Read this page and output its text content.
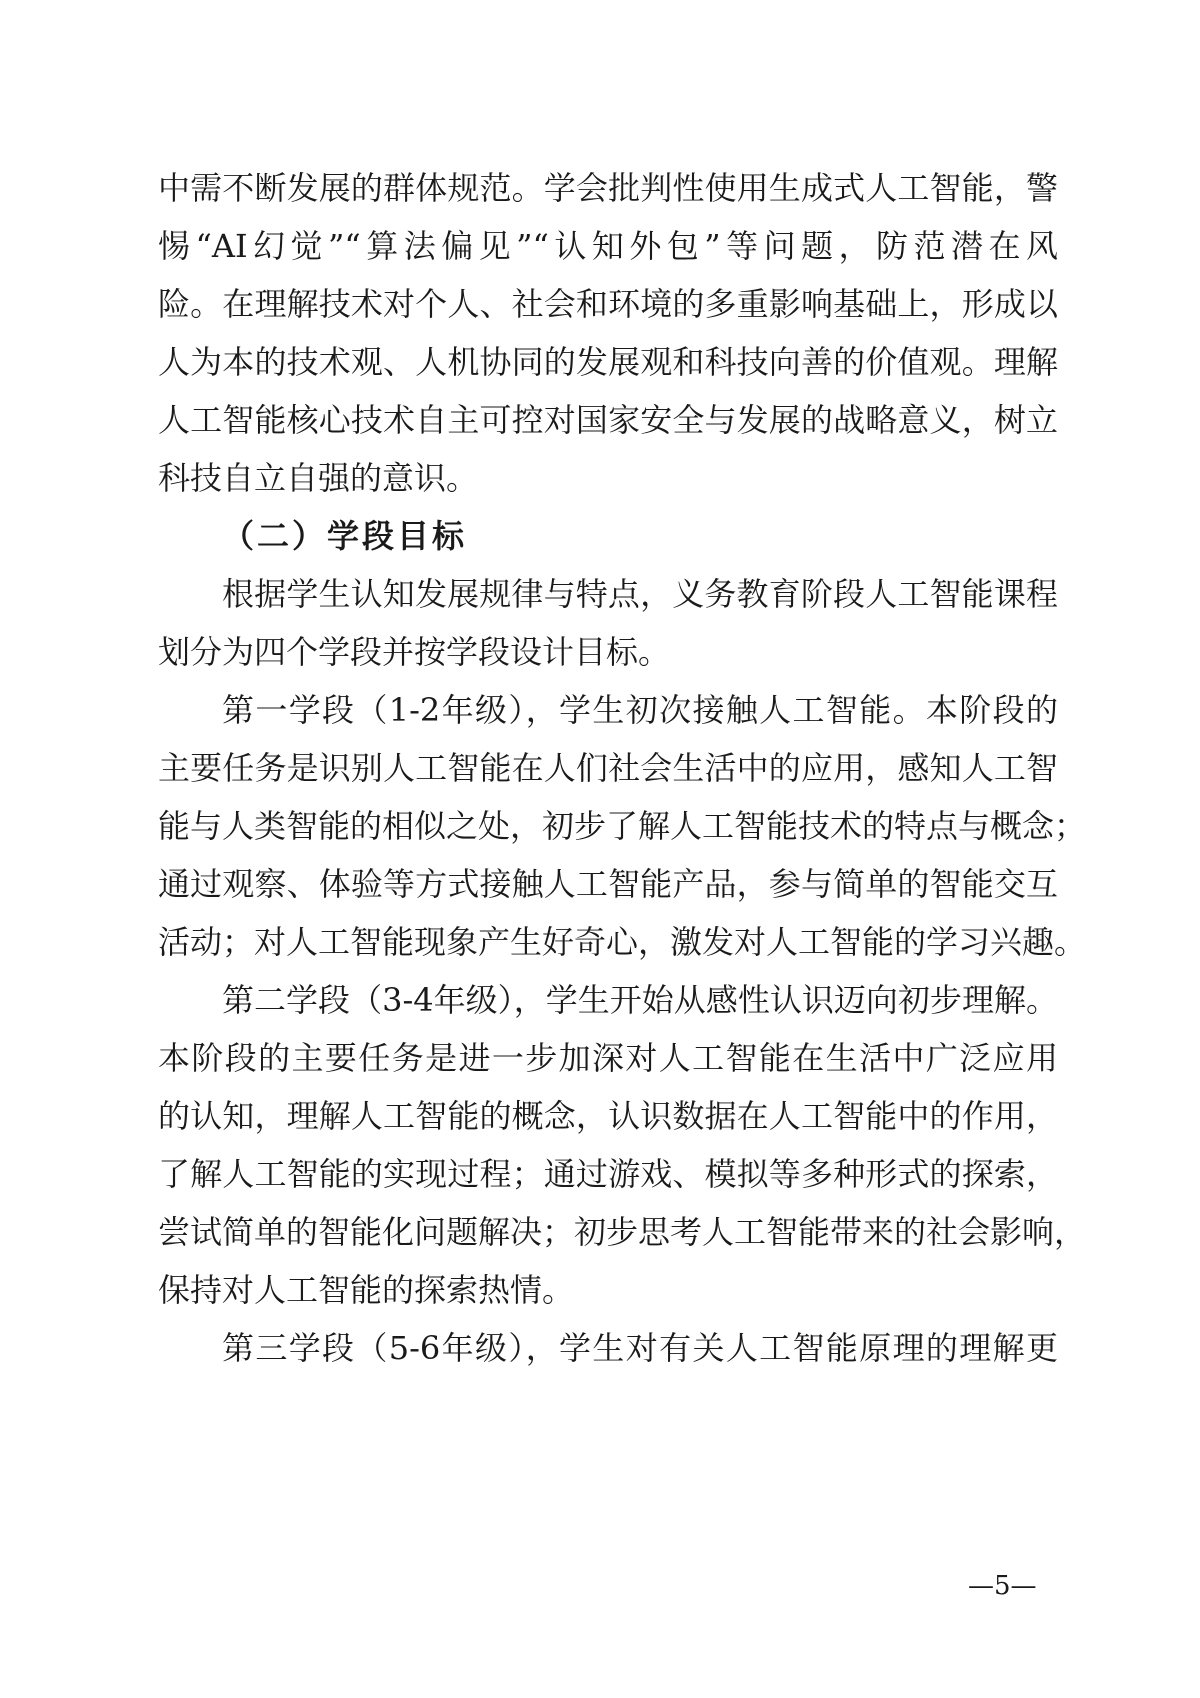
中需不断发展的群体规范。学会批判性使用生成式人工智能，警
惕“AI幻觉”“算法偏见”“认知外包”等问题，防范潜在风
险。在理解技术对个人、社会和环境的多重影响基础上，形成以
人为本的技术观、人机协同的发展观和科技向善的价值观。理解
人工智能核心技术自主可控对国家安全与发展的战略意义，树立
科技自立自强的意识。
（二）学段目标
根据学生认知发展规律与特点，义务教育阶段人工智能课程
划分为四个学段并按学段设计目标。
第一学段（1-2年级），学生初次接触人工智能。本阶段的
主要任务是识别人工智能在人们社会生活中的应用，感知人工智
能与人类智能的相似之处，初步了解人工智能技术的特点与概念；
通过观察、体验等方式接触人工智能产品，参与简单的智能交互
活动；对人工智能现象产生好奇心，激发对人工智能的学习兴趣。
第二学段（3-4年级），学生开始从感性认识迈向初步理解。
本阶段的主要任务是进一步加深对人工智能在生活中广泛应用
的认知，理解人工智能的概念，认识数据在人工智能中的作用，
了解人工智能的实现过程；通过游戏、模拟等多种形式的探索，
尝试简单的智能化问题解决；初步思考人工智能带来的社会影响，
保持对人工智能的探索热情。
第三学段（5-6年级），学生对有关人工智能原理的理解更
—5—
